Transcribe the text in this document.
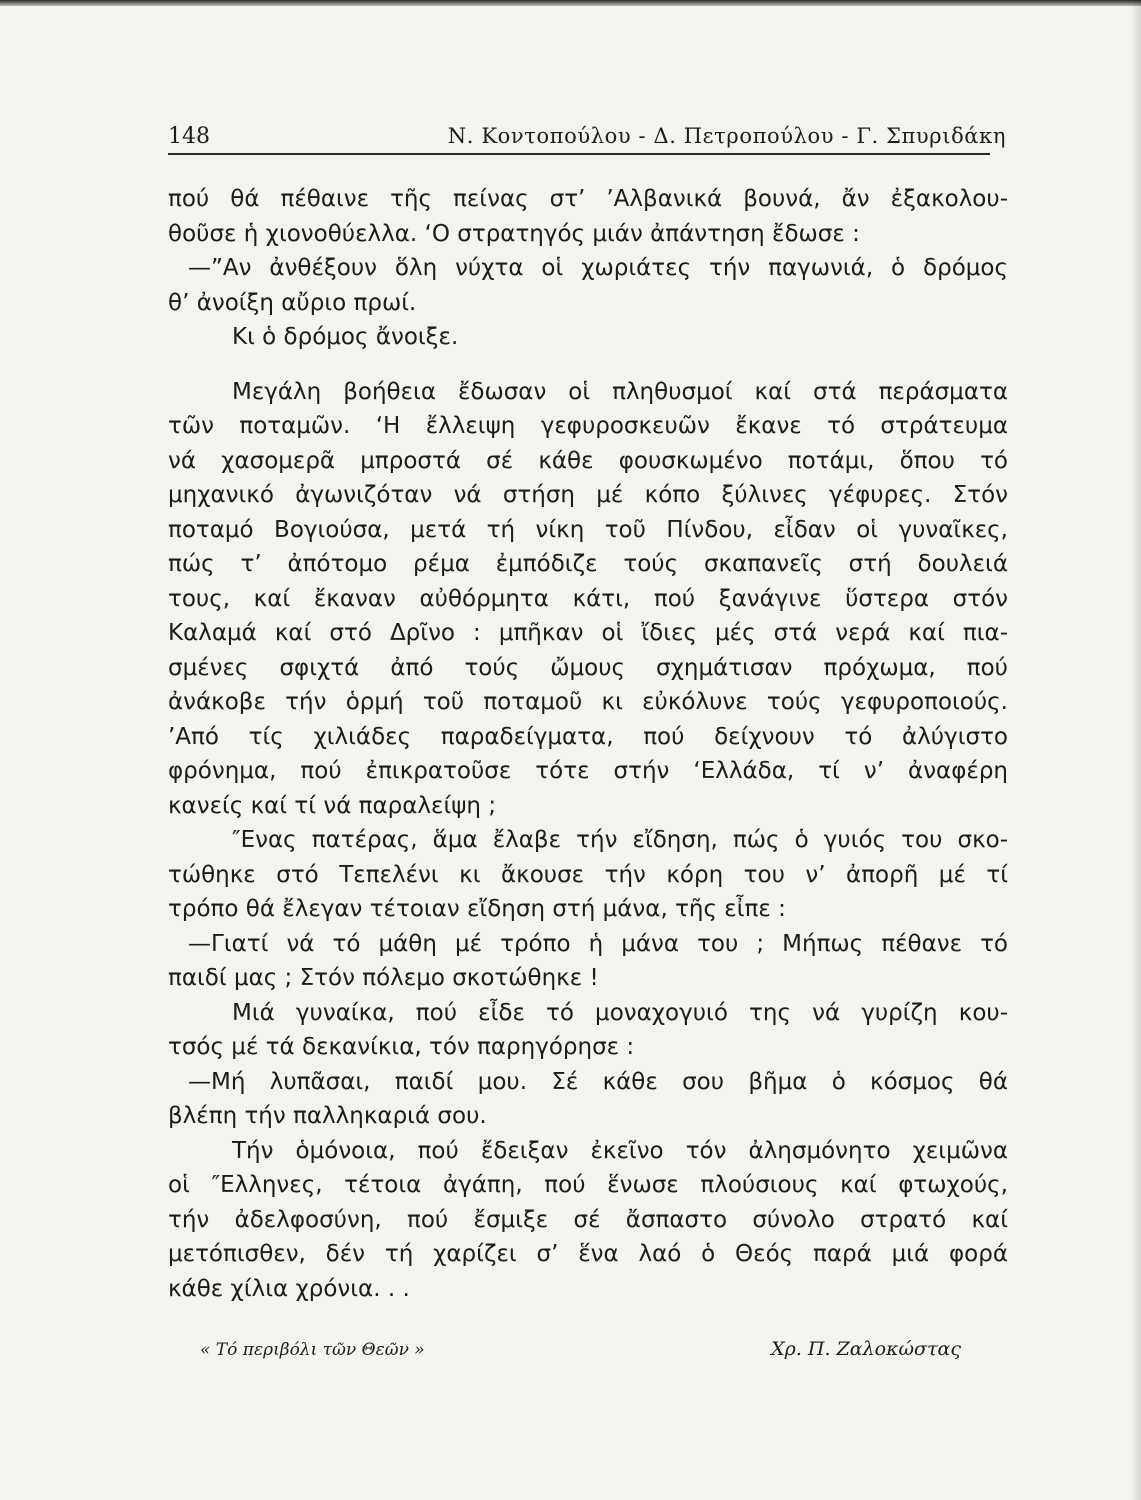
148	Ν. Κοντοπούλου - Δ. Πετροπούλου - Γ. Σπυριδάκη
πού θά πέθαινε τῆς πείνας στ’ ’Αλβανικά βουνά, ἄν ἐξακολου-
θοῦσε ἡ χιονοθύελλα. ‘Ο στρατηγός μιάν ἀπάντηση ἔδωσε :
—”Αν ἀνθέξουν ὅλη νύχτα οἱ χωριάτες τήν παγωνιά, ὁ δρόμος
θ’ ἀνοίξη αὔριο πρωί.
Κι ὁ δρόμος ἄνοιξε.
Μεγάλη βοήθεια ἔδωσαν οἱ πληθυσμοί καί στά περάσματα
τῶν ποταμῶν. ‘Η ἔλλειψη γεφυροσκευῶν ἔκανε τό στράτευμα
νά χασομερᾶ μπροστά σέ κάθε φουσκωμένο ποτάμι, ὅπου τό
μηχανικό ἀγωνιζόταν νά στήση μέ κόπο ξύλινες γέφυρες. Στόν
ποταμό Βογιούσα, μετά τή νίκη τοῦ Πίνδου, εἶδαν οἱ γυναῖκες,
πώς τ’ ἀπότομο ρέμα ἐμπόδιζε τούς σκαπανεῖς στή δουλειά
τους, καί ἔκαναν αὐθόρμητα κάτι, πού ξανάγινε ὕστερα στόν
Καλαμά καί στό Δρῖνο : μπῆκαν οἱ ἴδιες μές στά νερά καί πια-
σμένες σφιχτά ἀπό τούς ὤμους σχημάτισαν πρόχωμα, πού
ἀνάκοβε τήν ὁρμή τοῦ ποταμοῦ κι εὐκόλυνε τούς γεφυροποιούς.
’Από τίς χιλιάδες παραδείγματα, πού δείχνουν τό ἀλύγιστο
φρόνημα, πού ἐπικρατοῦσε τότε στήν ‘Ελλάδα, τί ν’ ἀναφέρη
κανείς καί τί νά παραλείψη ;
″Ενας πατέρας, ἅμα ἔλαβε τήν εἴδηση, πώς ὁ γυιός του σκο-
τώθηκε στό Τεπελένι κι ἄκουσε τήν κόρη του ν’ ἀπορῆ μέ τί
τρόπο θά ἔλεγαν τέτοιαν εἴδηση στή μάνα, τῆς εἶπε :
—Γιατί νά τό μάθη μέ τρόπο ἡ μάνα του ; Μήπως πέθανε τό
παιδί μας ; Στόν πόλεμο σκοτώθηκε !
Μιά γυναίκα, πού εἶδε τό μοναχογυιό της νά γυρίζη κου-
τσός μέ τά δεκανίκια, τόν παρηγόρησε :
—Μή λυπᾶσαι, παιδί μου. Σέ κάθε σου βῆμα ὁ κόσμος θά
βλέπη τήν παλληκαριά σου.
Τήν ὁμόνοια, πού ἔδειξαν ἐκεῖνο τόν ἀλησμόνητο χειμῶνα
οἱ ″Ελληνες, τέτοια ἀγάπη, πού ἕνωσε πλούσιους καί φτωχούς,
τήν ἀδελφοσύνη, πού ἔσμιξε σέ ἄσπαστο σύνολο στρατό καί
μετόπισθεν, δέν τή χαρίζει σ’ ἕνα λαό ὁ Θεός παρά μιά φορά
κάθε χίλια χρόνια. . .
« Τό περιβόλι τῶν Θεῶν »	Χρ. Π. Ζαλοκώστας
